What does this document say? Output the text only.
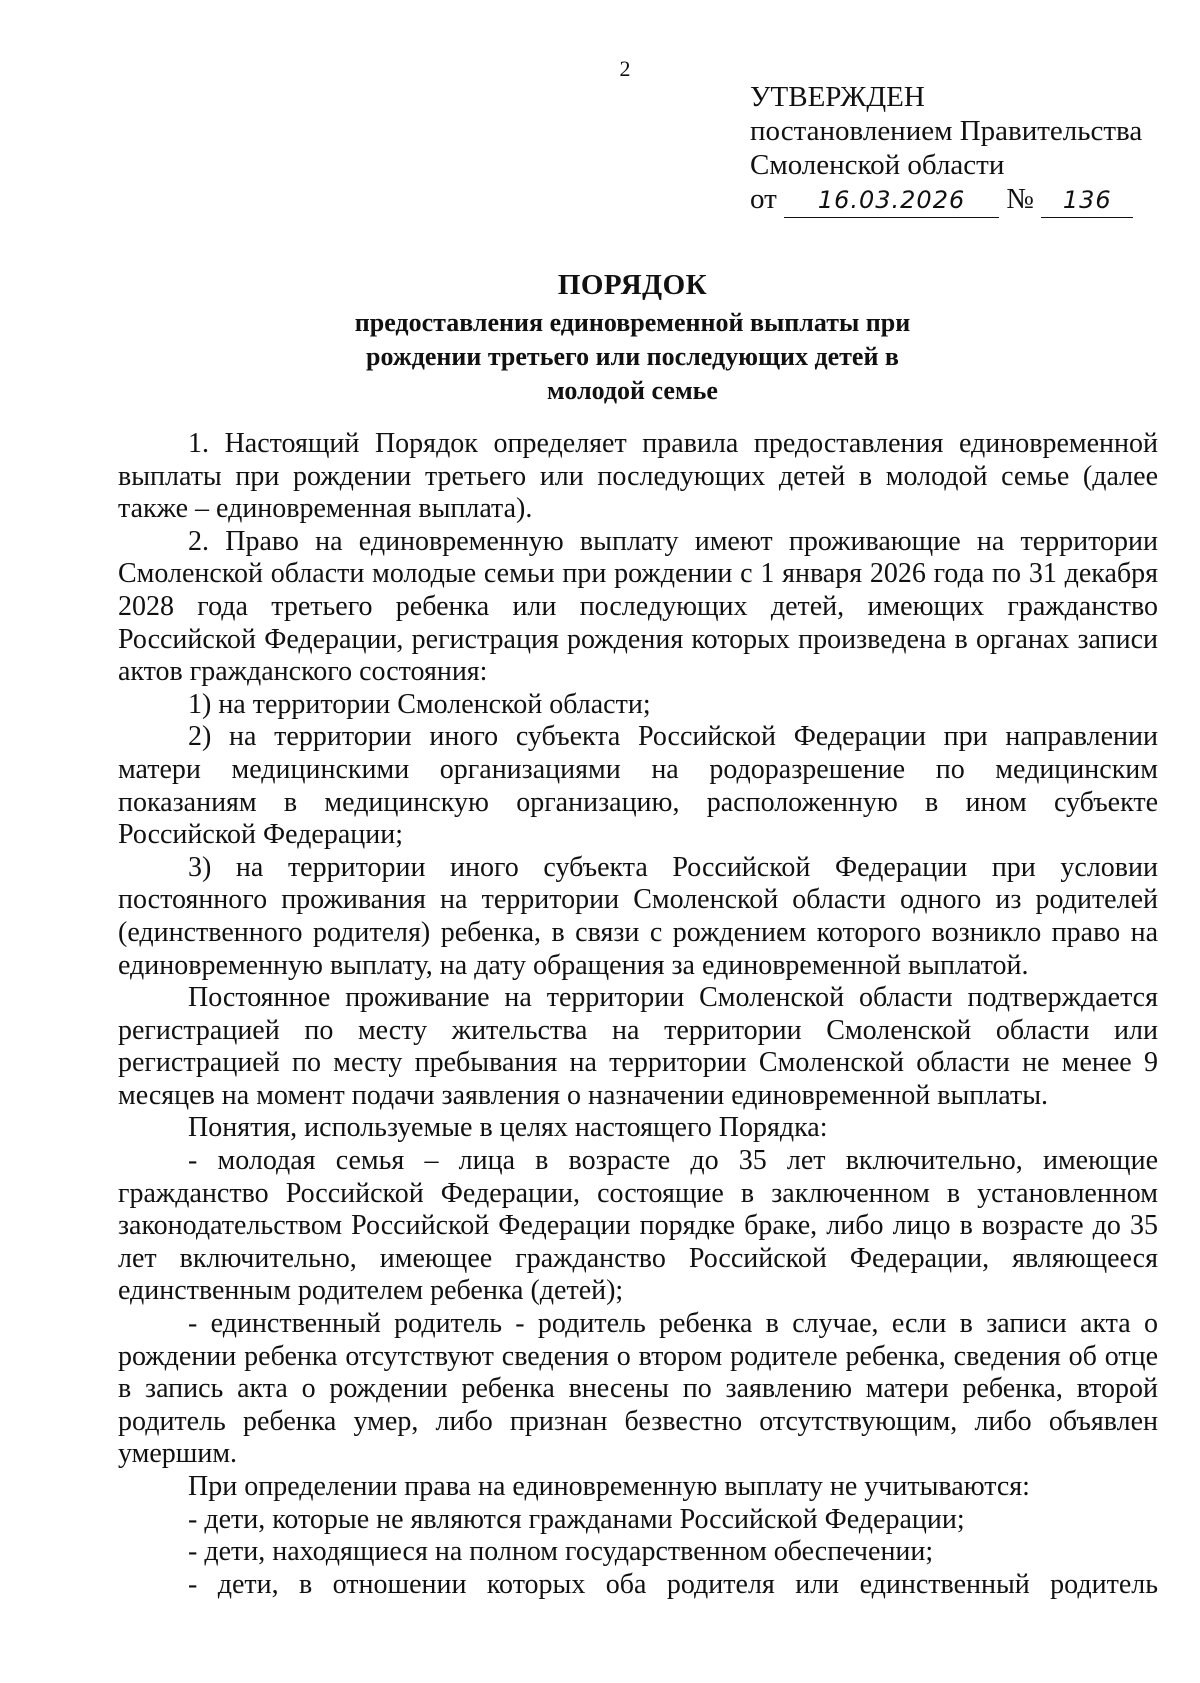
2
УТВЕРЖДЕН
постановлением Правительства
Смоленской области
от 16.03.2026 № 136
ПОРЯДОК
предоставления единовременной выплаты при
рождении третьего или последующих детей в
молодой семье

1. Настоящий Порядок определяет правила предоставления единовременной выплаты при рождении третьего или последующих детей в молодой семье (далее также – единовременная выплата).

2. Право на единовременную выплату имеют проживающие на территории Смоленской области молодые семьи при рождении с 1 января 2026 года по 31 декабря 2028 года третьего ребенка или последующих детей, имеющих гражданство Российской Федерации, регистрация рождения которых произведена в органах записи актов гражданского состояния:

1) на территории Смоленской области;

2) на территории иного субъекта Российской Федерации при направлении матери медицинскими организациями на родоразрешение по медицинским показаниям в медицинскую организацию, расположенную в ином субъекте Российской Федерации;

3) на территории иного субъекта Российской Федерации при условии постоянного проживания на территории Смоленской области одного из родителей (единственного родителя) ребенка, в связи с рождением которого возникло право на единовременную выплату, на дату обращения за единовременной выплатой.

Постоянное проживание на территории Смоленской области подтверждается регистрацией по месту жительства на территории Смоленской области или регистрацией по месту пребывания на территории Смоленской области не менее 9 месяцев на момент подачи заявления о назначении единовременной выплаты.

Понятия, используемые в целях настоящего Порядка:

- молодая семья – лица в возрасте до 35 лет включительно, имеющие гражданство Российской Федерации, состоящие в заключенном в установленном законодательством Российской Федерации порядке браке, либо лицо в возрасте до 35 лет включительно, имеющее гражданство Российской Федерации, являющееся единственным родителем ребенка (детей);

- единственный родитель - родитель ребенка в случае, если в записи акта о рождении ребенка отсутствуют сведения о втором родителе ребенка, сведения об отце в запись акта о рождении ребенка внесены по заявлению матери ребенка, второй родитель ребенка умер, либо признан безвестно отсутствующим, либо объявлен умершим.

При определении права на единовременную выплату не учитываются:

- дети, которые не являются гражданами Российской Федерации;

- дети, находящиеся на полном государственном обеспечении;

- дети, в отношении которых оба родителя или единственный родитель
